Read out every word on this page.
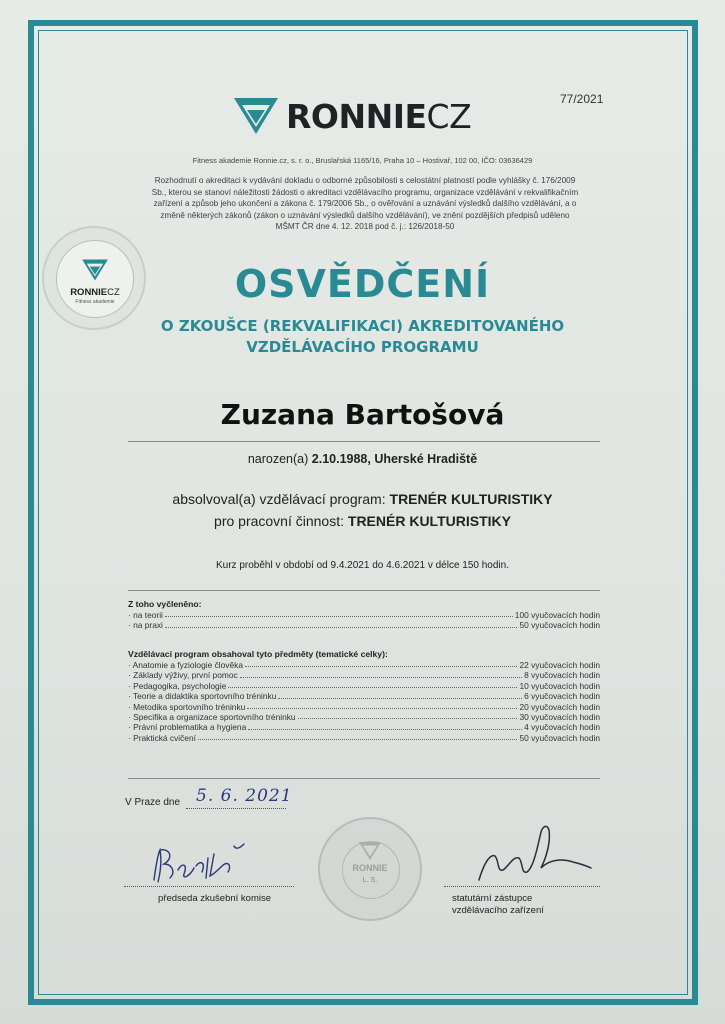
77/2021
RONNIECZ
Fitness akademie Ronnie.cz, s. r. o., Bruslařská 1165/16, Praha 10 – Hostivař, 102 00, IČO: 03636429
Rozhodnutí o akreditaci k vydávání dokladu o odborné způsobilosti s celostátní platností podle vyhlášky č. 176/2009 Sb., kterou se stanoví náležitosti žádosti o akreditaci vzdělávacího programu, organizace vzdělávání v rekvalifikačním zařízení a způsob jeho ukončení a zákona č. 179/2006 Sb., o ověřování a uznávání výsledků dalšího vzdělávání, a o změně některých zákonů (zákon o uznávání výsledků dalšího vzdělávání), ve znění pozdějších předpisů uděleno MŠMT ČR dne 4. 12. 2018 pod č. j.: 126/2018-50
RONNIECZ
Fitness akademie	OSVĚDČENÍ
O ZKOUŠCE (REKVALIFIKACI) AKREDITOVANÉHO
VZDĚLÁVACÍHO PROGRAMU
Zuzana Bartošová
narozen(a) 2.10.1988, Uherské Hradiště
absolvoval(a) vzdělávací program: TRENÉR KULTURISTIKY
pro pracovní činnost: TRENÉR KULTURISTIKY
Kurz proběhl v období od 9.4.2021 do 4.6.2021 v délce 150 hodin.
Z toho vyčleněno:
· na teorii	100 vyučovacích hodin
· na praxi	50 vyučovacích hodin
Vzdělávací program obsahoval tyto předměty (tematické celky):
· Anatomie a fyziologie člověka	22 vyučovacích hodin
· Základy výživy, první pomoc	8 vyučovacích hodin
· Pedagogika, psychologie	10 vyučovacích hodin
· Teorie a didaktika sportovního tréninku	6 vyučovacích hodin
· Metodika sportovního tréninku	20 vyučovacích hodin
· Specifika a organizace sportovního tréninku	30 vyučovacích hodin
· Právní problematika a hygiena	4 vyučovacích hodin
· Praktická cvičení	50 vyučovacích hodin
V Praze dne 5. 6. 2021
předseda zkušební komise	statutární zástupce
vzdělávacího zařízení
RONNIE
L. S.
